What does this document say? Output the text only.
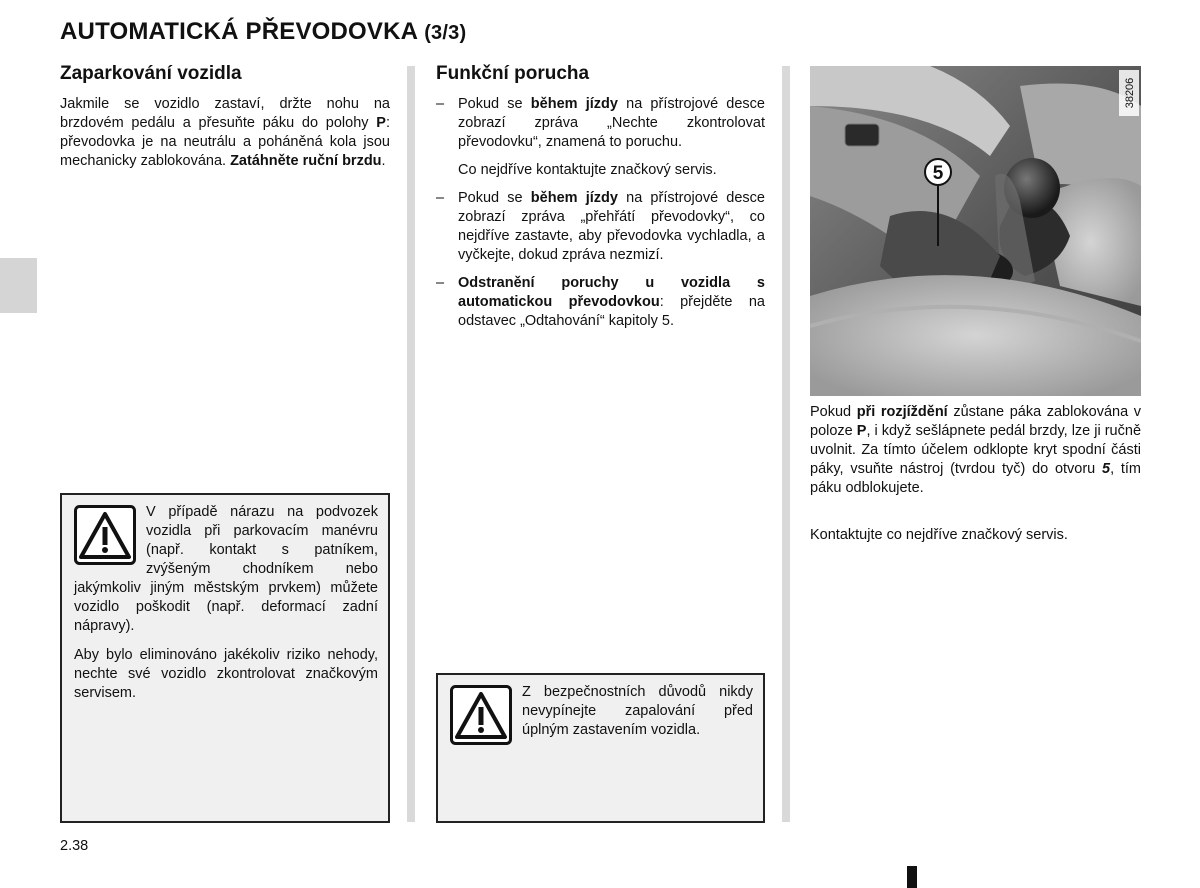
AUTOMATICKÁ PŘEVODOVKA (3/3)
Zaparkování vozidla

Jakmile se vozidlo zastaví, držte nohu na brzdovém pedálu a přesuňte páku do polohy P: převodovka je na neutrálu a poháněná kola jsou mechanicky zablokována. Zatáhněte ruční brzdu.

V případě nárazu na podvozek vozidla při parkovacím manévru (např. kontakt s patníkem, zvýšeným chodníkem nebo jakýmkoliv jiným městským prvkem) můžete vozidlo poškodit (např. deformací zadní nápravy).

Aby bylo eliminováno jakékoliv riziko nehody, nechte své vozidlo zkontrolovat značkovým servisem.

Funkční porucha
– Pokud se během jízdy na přístrojové desce zobrazí zpráva „Nechte zkontrolovat převodovku“, znamená to poruchu.
Co nejdříve kontaktujte značkový servis.
– Pokud se během jízdy na přístrojové desce zobrazí zpráva „přehřátí převodovky“, co nejdříve zastavte, aby převodovka vychladla, a vyčkejte, dokud zpráva nezmizí.
– Odstranění poruchy u vozidla s automatickou převodovkou: přejděte na odstavec „Odtahování“ kapitoly 5.

Z bezpečnostních důvodů nikdy nevypínejte zapalování před úplným zastavením vozidla.

5
38206

Pokud při rozjíždění zůstane páka zablokována v poloze P, i když sešlápnete pedál brzdy, lze ji ručně uvolnit. Za tímto účelem odklopte kryt spodní části páky, vsuňte nástroj (tvrdou tyč) do otvoru 5, tím páku odblokujete.

Kontaktujte co nejdříve značkový servis.

2.38
